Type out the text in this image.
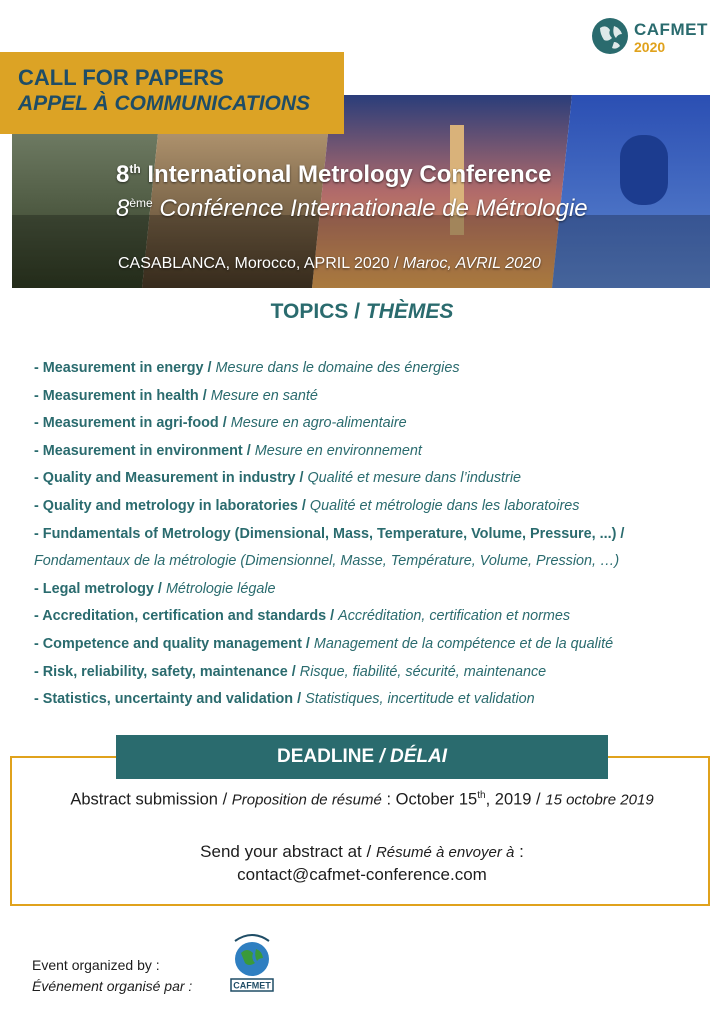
CAFMET
2020
8th International Metrology Conference
8ème Conférence Internationale de Métrologie
CASABLANCA, Morocco, APRIL 2020 / Maroc, AVRIL 2020
CALL FOR PAPERS
APPEL À COMMUNICATIONS
TOPICS / THÈMES
- Measurement in energy / Mesure dans le domaine des énergies
- Measurement in health / Mesure en santé
- Measurement in agri-food / Mesure en agro-alimentaire
- Measurement in environment / Mesure en environnement
- Quality and Measurement in industry / Qualité et mesure dans l’industrie
- Quality and metrology in laboratories / Qualité et métrologie dans les laboratoires
- Fundamentals of Metrology (Dimensional, Mass, Temperature, Volume, Pressure, ...) /
Fondamentaux de la métrologie (Dimensionnel, Masse, Température, Volume, Pression, …)
- Legal metrology / Métrologie légale
- Accreditation, certification and standards / Accréditation, certification et normes
- Competence and quality management / Management de la compétence et de la qualité
- Risk, reliability, safety, maintenance / Risque, fiabilité, sécurité, maintenance
- Statistics, uncertainty and validation / Statistiques, incertitude et validation
DEADLINE / DÉLAI
Abstract submission / Proposition de résumé : October 15th, 2019 / 15 octobre 2019
Send your abstract at / Résumé à envoyer à :
contact@cafmet-conference.com
Event organized by :
Événement organisé par :	CAFMET
